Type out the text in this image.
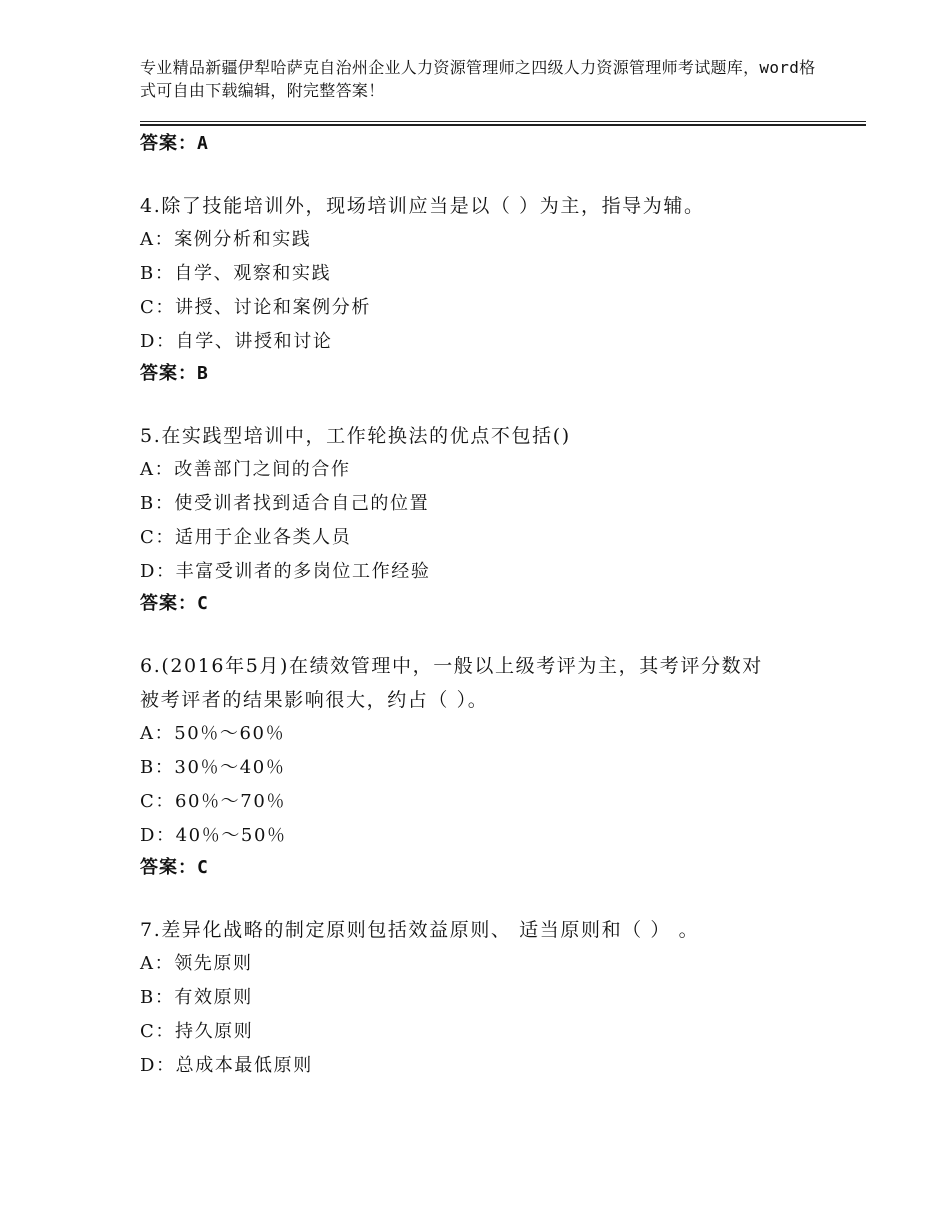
专业精品新疆伊犁哈萨克自治州企业人力资源管理师之四级人力资源管理师考试题库，word格式可自由下载编辑，附完整答案！
答案：A
4.除了技能培训外，现场培训应当是以（ ）为主，指导为辅。
A：案例分析和实践
B：自学、观察和实践
C：讲授、讨论和案例分析
D：自学、讲授和讨论
答案：B
5.在实践型培训中，工作轮换法的优点不包括()
A：改善部门之间的合作
B：使受训者找到适合自己的位置
C：适用于企业各类人员
D：丰富受训者的多岗位工作经验
答案：C
6.(2016年5月)在绩效管理中，一般以上级考评为主，其考评分数对
被考评者的结果影响很大，约占（ ）。
A：50％～60％
B：30％～40％
C：60％～70％
D：40％～50％
答案：C
7.差异化战略的制定原则包括效益原则、 适当原则和（ ） 。
A：领先原则
B：有效原则
C：持久原则
D：总成本最低原则
